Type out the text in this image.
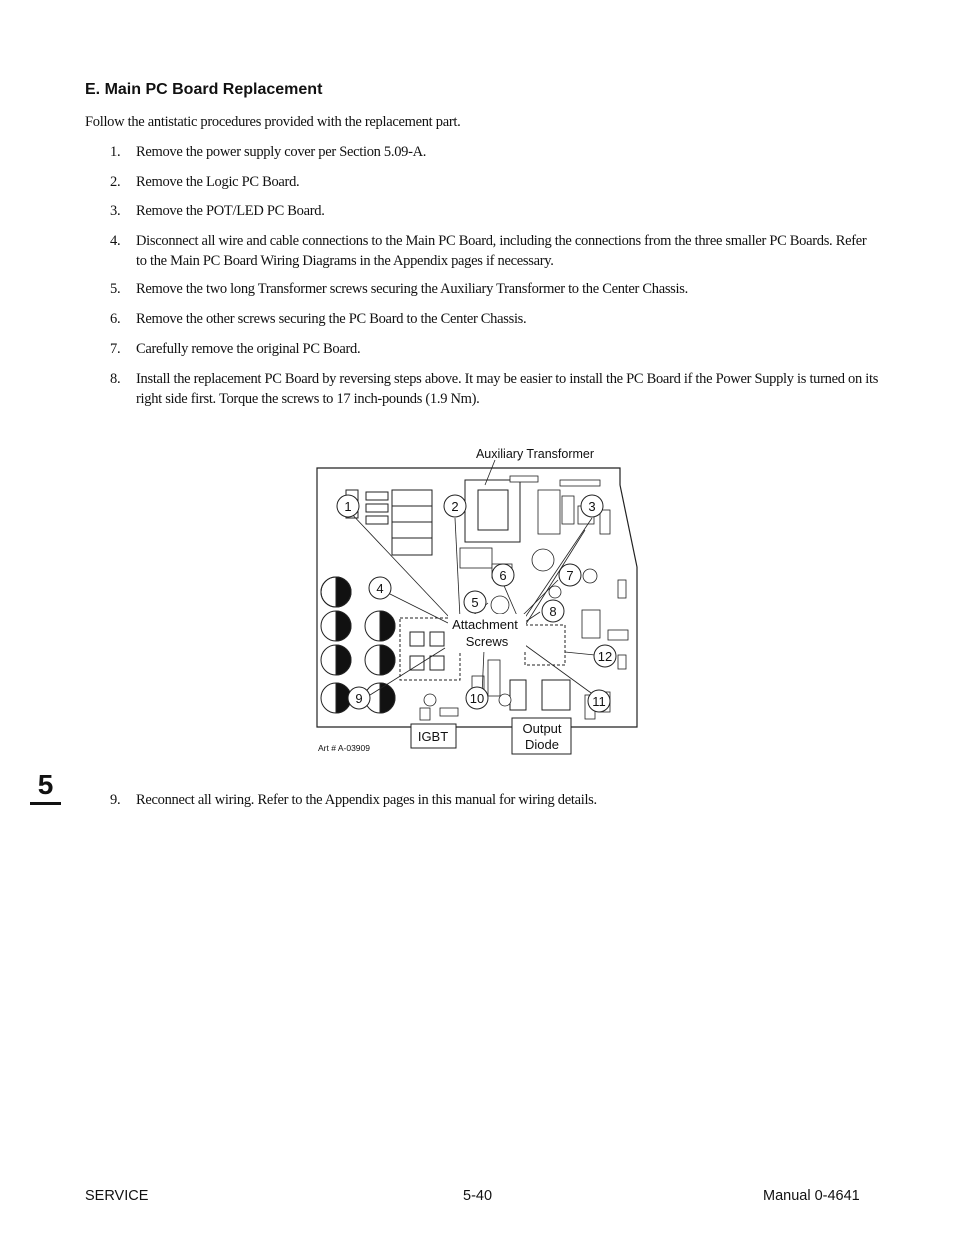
E. Main PC Board Replacement
Follow the antistatic procedures provided with the replacement part.
1. Remove the power supply cover per Section 5.09-A.
2. Remove the Logic PC Board.
3. Remove the POT/LED PC Board.
4. Disconnect all wire and cable connections to the Main PC Board, including the connections from the three smaller PC Boards. Refer to the Main PC Board Wiring Diagrams in the Appendix pages if necessary.
5. Remove the two long Transformer screws securing the Auxiliary Transformer to the Center Chassis.
6. Remove the other screws securing the PC Board to the Center Chassis.
7. Carefully remove the original PC Board.
8. Install the replacement PC Board by reversing steps above. It may be easier to install the PC Board if the Power Supply is turned on its right side first. Torque the screws to 17 inch-pounds (1.9 Nm).
1	2	3
4
5
6	7
8
9	10	11
12
Attachment
Screws
Auxiliary Transformer
IGBT
Output
Diode
Art # A-03909
5	9. Reconnect all wiring. Refer to the Appendix pages in this manual for wiring details.
SERVICE	5-40	Manual 0-4641
